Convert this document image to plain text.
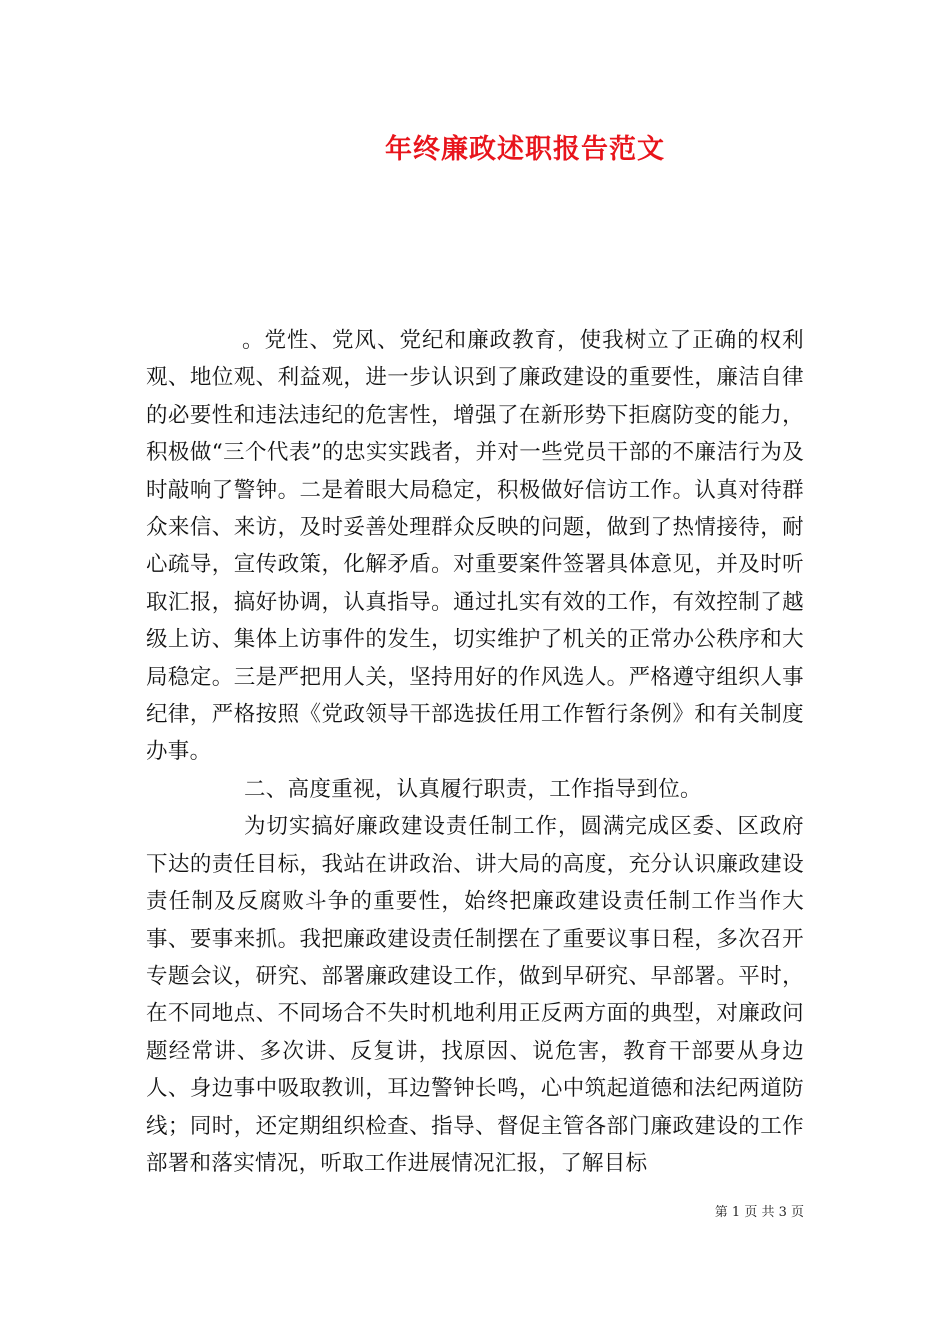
年终廉政述职报告范文

。党性、党风、党纪和廉政教育，使我树立了正确的权利观、地位观、利益观，进一步认识到了廉政建设的重要性，廉洁自律的必要性和违法违纪的危害性，增强了在新形势下拒腐防变的能力，积极做“三个代表”的忠实实践者，并对一些党员干部的不廉洁行为及时敲响了警钟。二是着眼大局稳定，积极做好信访工作。认真对待群众来信、来访，及时妥善处理群众反映的问题，做到了热情接待，耐心疏导，宣传政策，化解矛盾。对重要案件签署具体意见，并及时听取汇报，搞好协调，认真指导。通过扎实有效的工作，有效控制了越级上访、集体上访事件的发生，切实维护了机关的正常办公秩序和大局稳定。三是严把用人关，坚持用好的作风选人。严格遵守组织人事纪律，严格按照《党政领导干部选拔任用工作暂行条例》和有关制度办事。

二、高度重视，认真履行职责，工作指导到位。

为切实搞好廉政建设责任制工作，圆满完成区委、区政府下达的责任目标，我站在讲政治、讲大局的高度，充分认识廉政建设责任制及反腐败斗争的重要性，始终把廉政建设责任制工作当作大事、要事来抓。我把廉政建设责任制摆在了重要议事日程，多次召开专题会议，研究、部署廉政建设工作，做到早研究、早部署。平时，在不同地点、不同场合不失时机地利用正反两方面的典型，对廉政问题经常讲、多次讲、反复讲，找原因、说危害，教育干部要从身边人、身边事中吸取教训，耳边警钟长鸣，心中筑起道德和法纪两道防线；同时，还定期组织检查、指导、督促主管各部门廉政建设的工作部署和落实情况，听取工作进展情况汇报，了解目标

第 1 页 共 3 页
